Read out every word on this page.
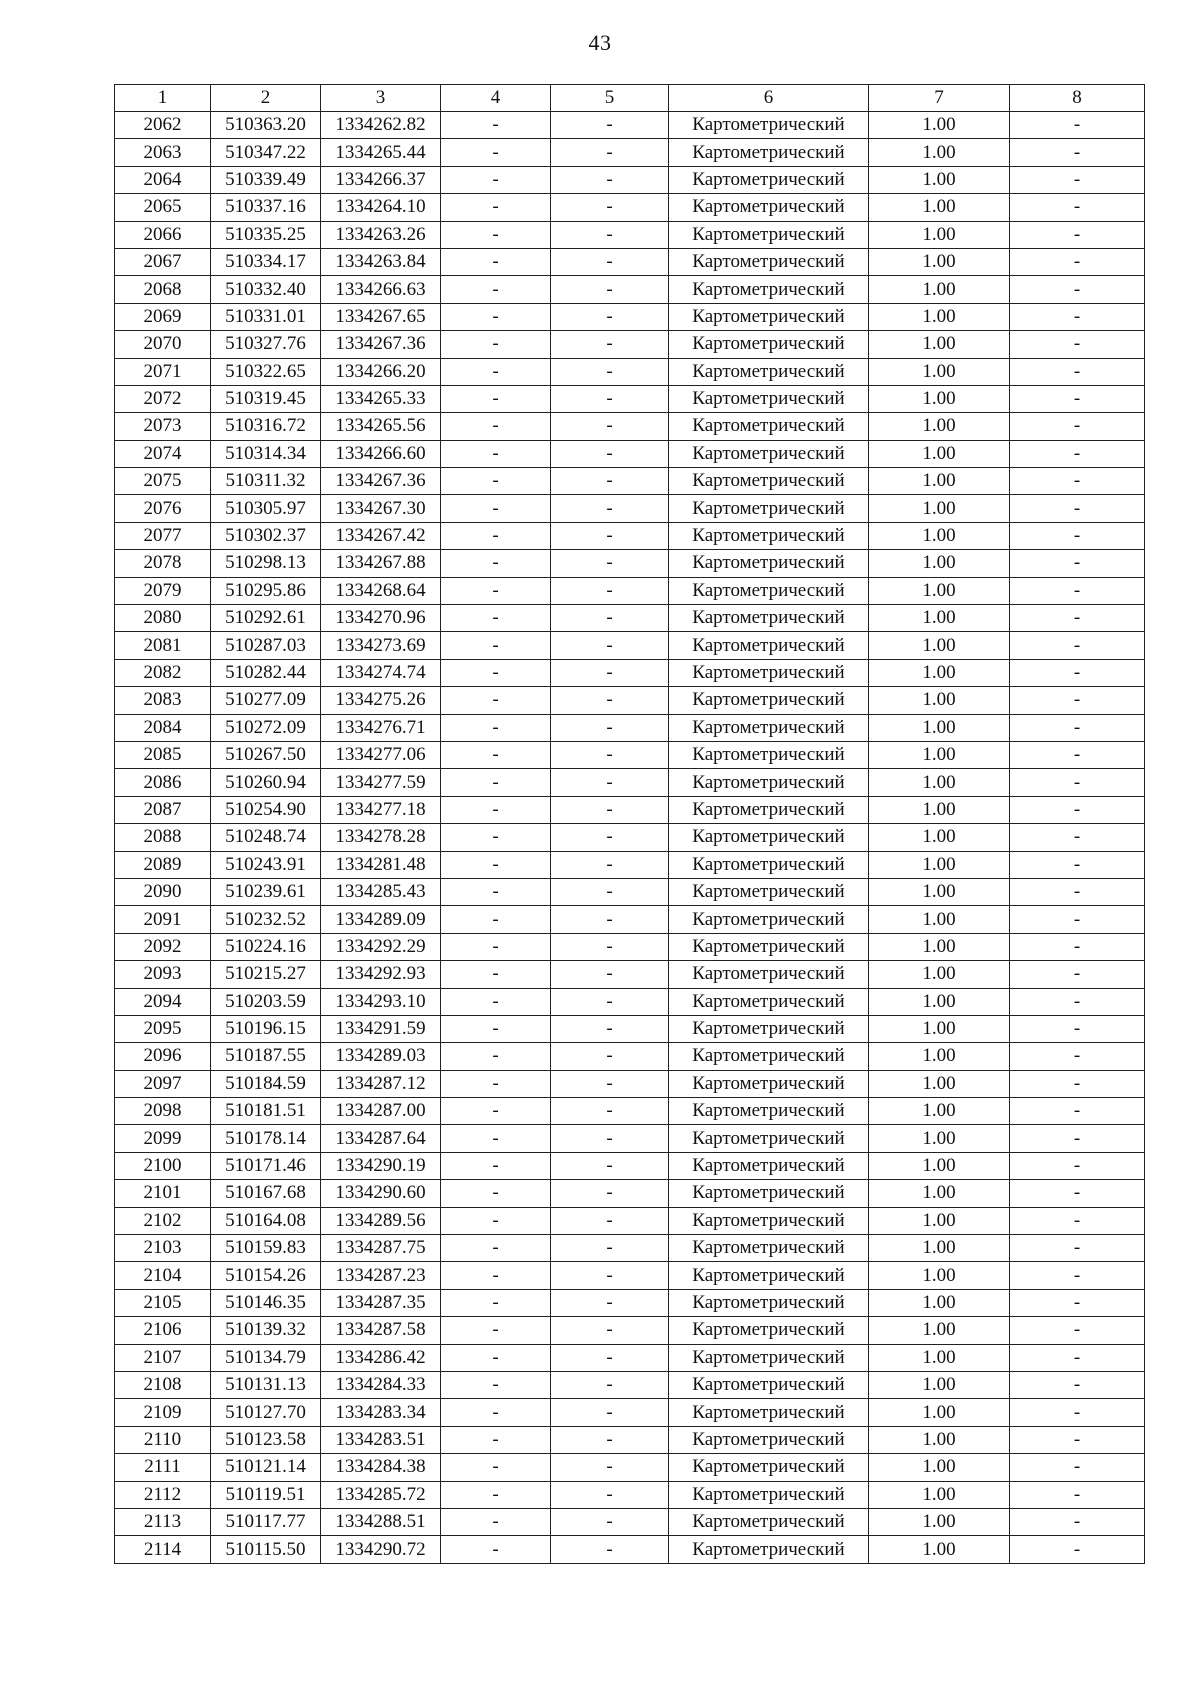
43
1	2	3	4	5	6	7	8
2062	510363.20	1334262.82	-	-	Картометрический	1.00	-
2063	510347.22	1334265.44	-	-	Картометрический	1.00	-
2064	510339.49	1334266.37	-	-	Картометрический	1.00	-
2065	510337.16	1334264.10	-	-	Картометрический	1.00	-
2066	510335.25	1334263.26	-	-	Картометрический	1.00	-
2067	510334.17	1334263.84	-	-	Картометрический	1.00	-
2068	510332.40	1334266.63	-	-	Картометрический	1.00	-
2069	510331.01	1334267.65	-	-	Картометрический	1.00	-
2070	510327.76	1334267.36	-	-	Картометрический	1.00	-
2071	510322.65	1334266.20	-	-	Картометрический	1.00	-
2072	510319.45	1334265.33	-	-	Картометрический	1.00	-
2073	510316.72	1334265.56	-	-	Картометрический	1.00	-
2074	510314.34	1334266.60	-	-	Картометрический	1.00	-
2075	510311.32	1334267.36	-	-	Картометрический	1.00	-
2076	510305.97	1334267.30	-	-	Картометрический	1.00	-
2077	510302.37	1334267.42	-	-	Картометрический	1.00	-
2078	510298.13	1334267.88	-	-	Картометрический	1.00	-
2079	510295.86	1334268.64	-	-	Картометрический	1.00	-
2080	510292.61	1334270.96	-	-	Картометрический	1.00	-
2081	510287.03	1334273.69	-	-	Картометрический	1.00	-
2082	510282.44	1334274.74	-	-	Картометрический	1.00	-
2083	510277.09	1334275.26	-	-	Картометрический	1.00	-
2084	510272.09	1334276.71	-	-	Картометрический	1.00	-
2085	510267.50	1334277.06	-	-	Картометрический	1.00	-
2086	510260.94	1334277.59	-	-	Картометрический	1.00	-
2087	510254.90	1334277.18	-	-	Картометрический	1.00	-
2088	510248.74	1334278.28	-	-	Картометрический	1.00	-
2089	510243.91	1334281.48	-	-	Картометрический	1.00	-
2090	510239.61	1334285.43	-	-	Картометрический	1.00	-
2091	510232.52	1334289.09	-	-	Картометрический	1.00	-
2092	510224.16	1334292.29	-	-	Картометрический	1.00	-
2093	510215.27	1334292.93	-	-	Картометрический	1.00	-
2094	510203.59	1334293.10	-	-	Картометрический	1.00	-
2095	510196.15	1334291.59	-	-	Картометрический	1.00	-
2096	510187.55	1334289.03	-	-	Картометрический	1.00	-
2097	510184.59	1334287.12	-	-	Картометрический	1.00	-
2098	510181.51	1334287.00	-	-	Картометрический	1.00	-
2099	510178.14	1334287.64	-	-	Картометрический	1.00	-
2100	510171.46	1334290.19	-	-	Картометрический	1.00	-
2101	510167.68	1334290.60	-	-	Картометрический	1.00	-
2102	510164.08	1334289.56	-	-	Картометрический	1.00	-
2103	510159.83	1334287.75	-	-	Картометрический	1.00	-
2104	510154.26	1334287.23	-	-	Картометрический	1.00	-
2105	510146.35	1334287.35	-	-	Картометрический	1.00	-
2106	510139.32	1334287.58	-	-	Картометрический	1.00	-
2107	510134.79	1334286.42	-	-	Картометрический	1.00	-
2108	510131.13	1334284.33	-	-	Картометрический	1.00	-
2109	510127.70	1334283.34	-	-	Картометрический	1.00	-
2110	510123.58	1334283.51	-	-	Картометрический	1.00	-
2111	510121.14	1334284.38	-	-	Картометрический	1.00	-
2112	510119.51	1334285.72	-	-	Картометрический	1.00	-
2113	510117.77	1334288.51	-	-	Картометрический	1.00	-
2114	510115.50	1334290.72	-	-	Картометрический	1.00	-
